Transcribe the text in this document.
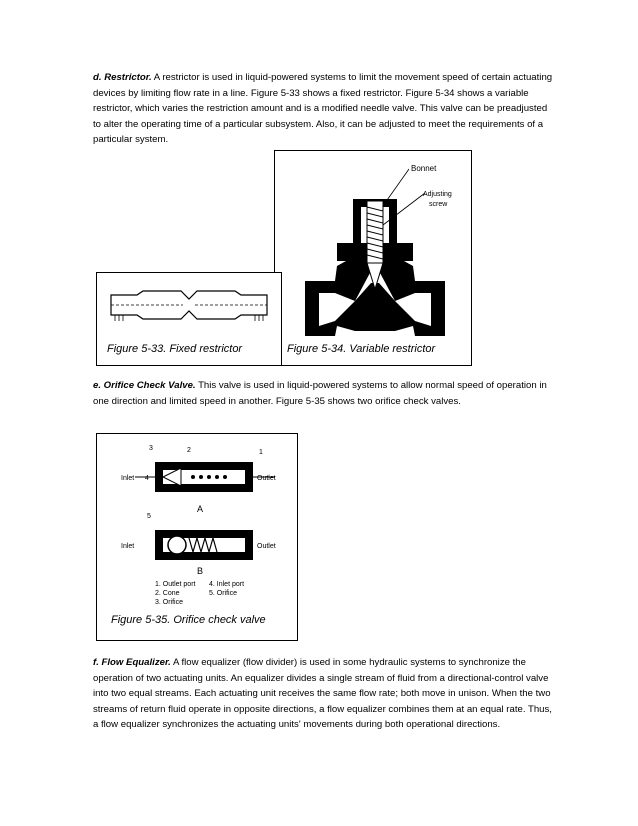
d. Restrictor. A restrictor is used in liquid-powered systems to limit the movement speed of certain actuating devices by limiting flow rate in a line. Figure 5-33 shows a fixed restrictor. Figure 5-34 shows a variable restrictor, which varies the restriction amount and is a modified needle valve. This valve can be preadjusted to alter the operating time of a particular subsystem. Also, it can be adjusted to meet the requirements of a particular system.

Bonnet
Adjusting
screw
Figure 5-34. Variable restrictor
Figure 5-33. Fixed restrictor

e. Orifice Check Valve. This valve is used in liquid-powered systems to allow normal speed of operation in one direction and limited speed in another. Figure 5-35 shows two orifice check valves.

Inlet 4	Outlet
3	2	1
A
Inlet	Outlet
5
B
1. Outlet port 4. Inlet port
2. Cone	5. Orifice
3. Orifice
Figure 5-35. Orifice check valve

f. Flow Equalizer. A flow equalizer (flow divider) is used in some hydraulic systems to synchronize the operation of two actuating units. An equalizer divides a single stream of fluid from a directional-control valve into two equal streams. Each actuating unit receives the same flow rate; both move in unison. When the two streams of return fluid operate in opposite directions, a flow equalizer combines them at an equal rate. Thus, a flow equalizer synchronizes the actuating units' movements during both operational directions.
